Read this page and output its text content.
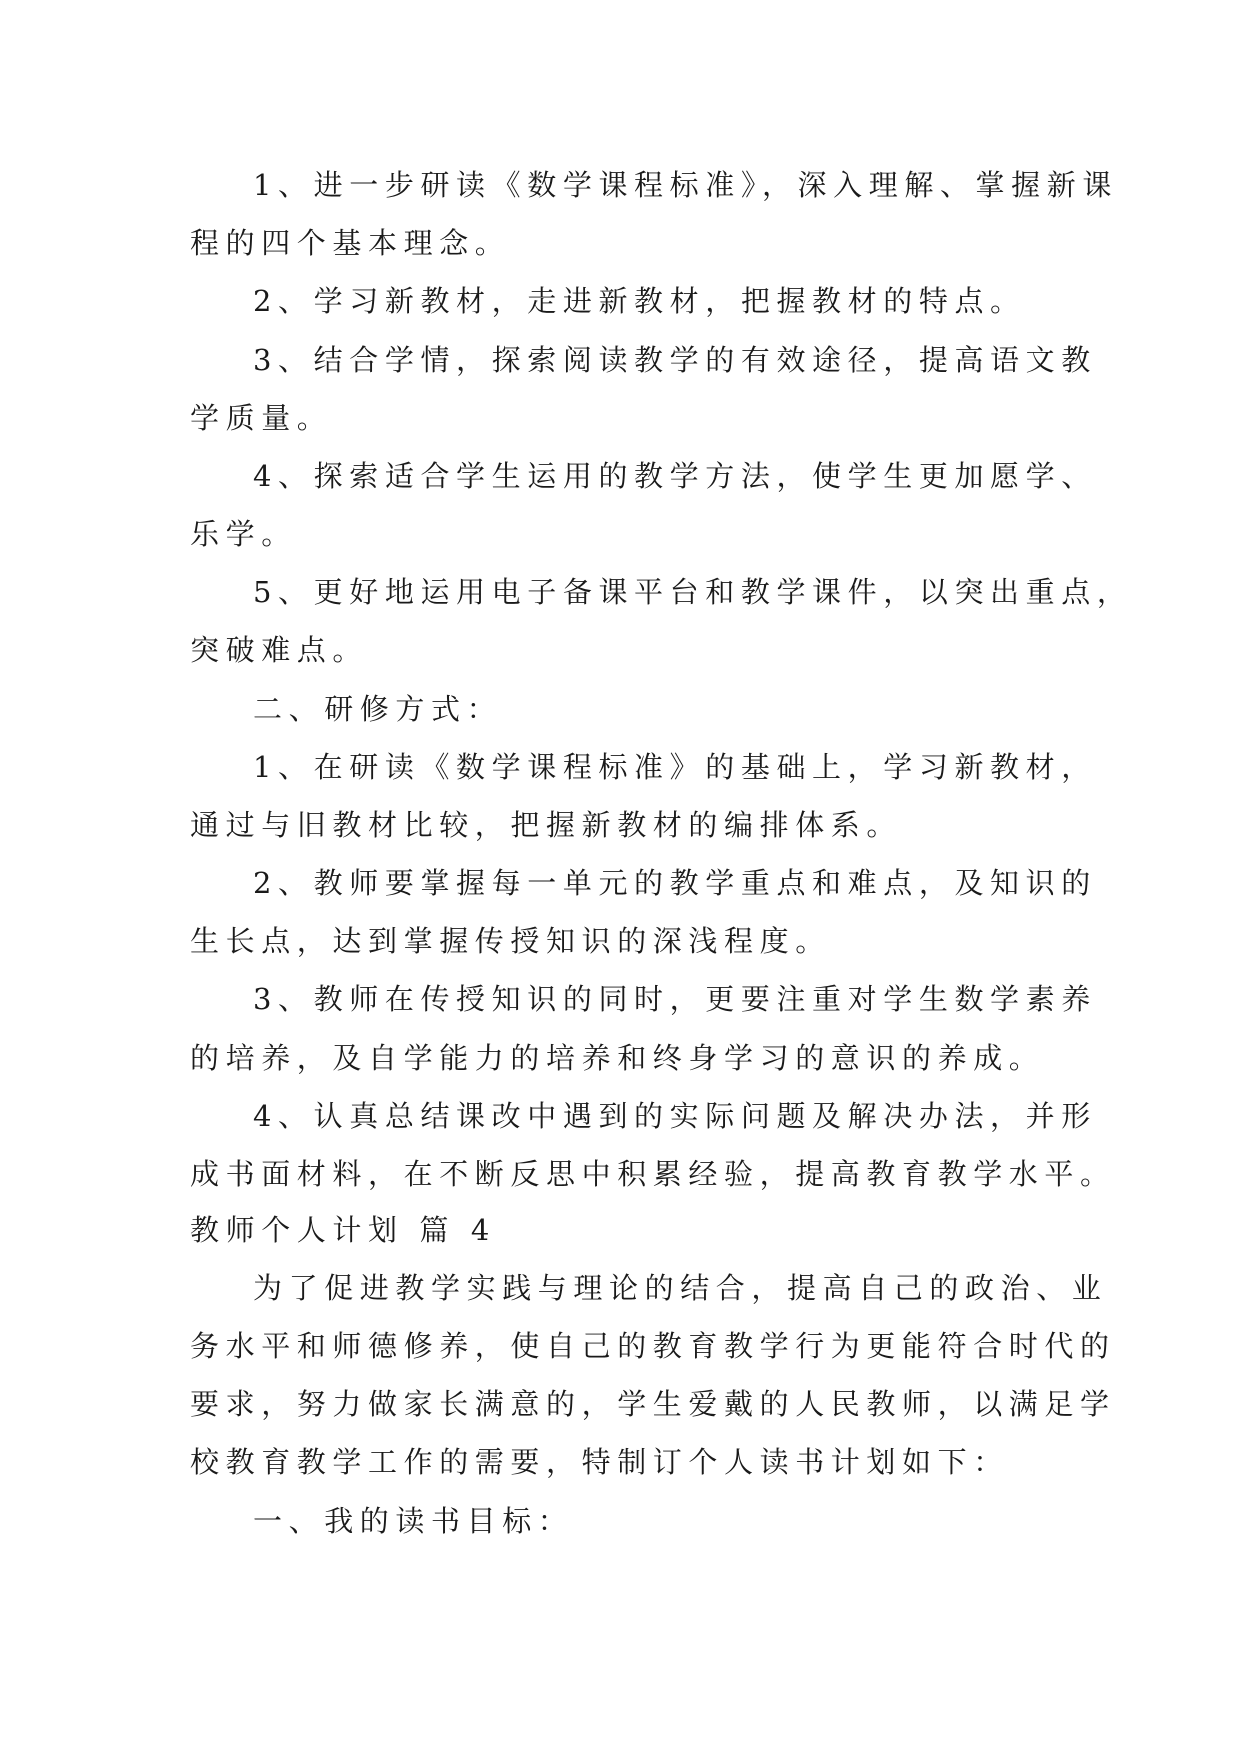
1、进一步研读《数学课程标准》，深入理解、掌握新课
程的四个基本理念。
2、学习新教材，走进新教材，把握教材的特点。
3、结合学情，探索阅读教学的有效途径，提高语文教
学质量。
4、探索适合学生运用的教学方法，使学生更加愿学、
乐学。
5、更好地运用电子备课平台和教学课件，以突出重点，
突破难点。
二、研修方式：
1、在研读《数学课程标准》的基础上，学习新教材，
通过与旧教材比较，把握新教材的编排体系。
2、教师要掌握每一单元的教学重点和难点，及知识的
生长点，达到掌握传授知识的深浅程度。
3、教师在传授知识的同时，更要注重对学生数学素养
的培养，及自学能力的培养和终身学习的意识的养成。
4、认真总结课改中遇到的实际问题及解决办法，并形
成书面材料，在不断反思中积累经验，提高教育教学水平。
教师个人计划 篇 4
为了促进教学实践与理论的结合，提高自己的政治、业
务水平和师德修养，使自己的教育教学行为更能符合时代的
要求，努力做家长满意的，学生爱戴的人民教师，以满足学
校教育教学工作的需要，特制订个人读书计划如下：
一、我的读书目标：
